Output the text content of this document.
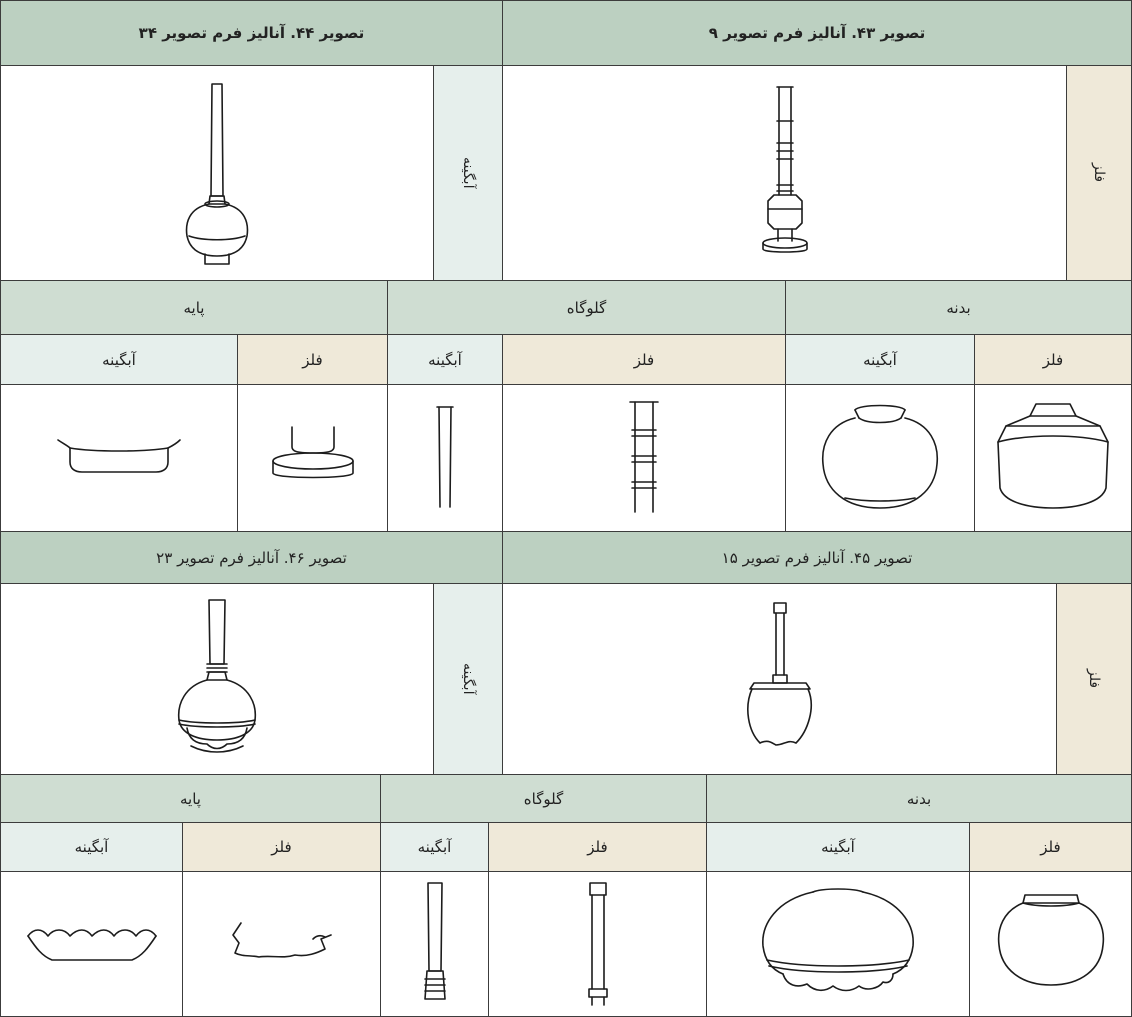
تصویر ۴۴. آنالیز فرم تصویر ۳۴	تصویر ۴۳. آنالیز فرم تصویر ۹
آبگینه	فلز
پایه	گلوگاه	بدنه
آبگینه	فلز	آبگینه	فلز	آبگینه	فلز
تصویر ۴۶. آنالیز فرم تصویر ۲۳	تصویر ۴۵. آنالیز فرم تصویر ۱۵
آبگینه	فلز
پایه	گلوگاه	بدنه
آبگینه	فلز	آبگینه	فلز	آبگینه	فلز
